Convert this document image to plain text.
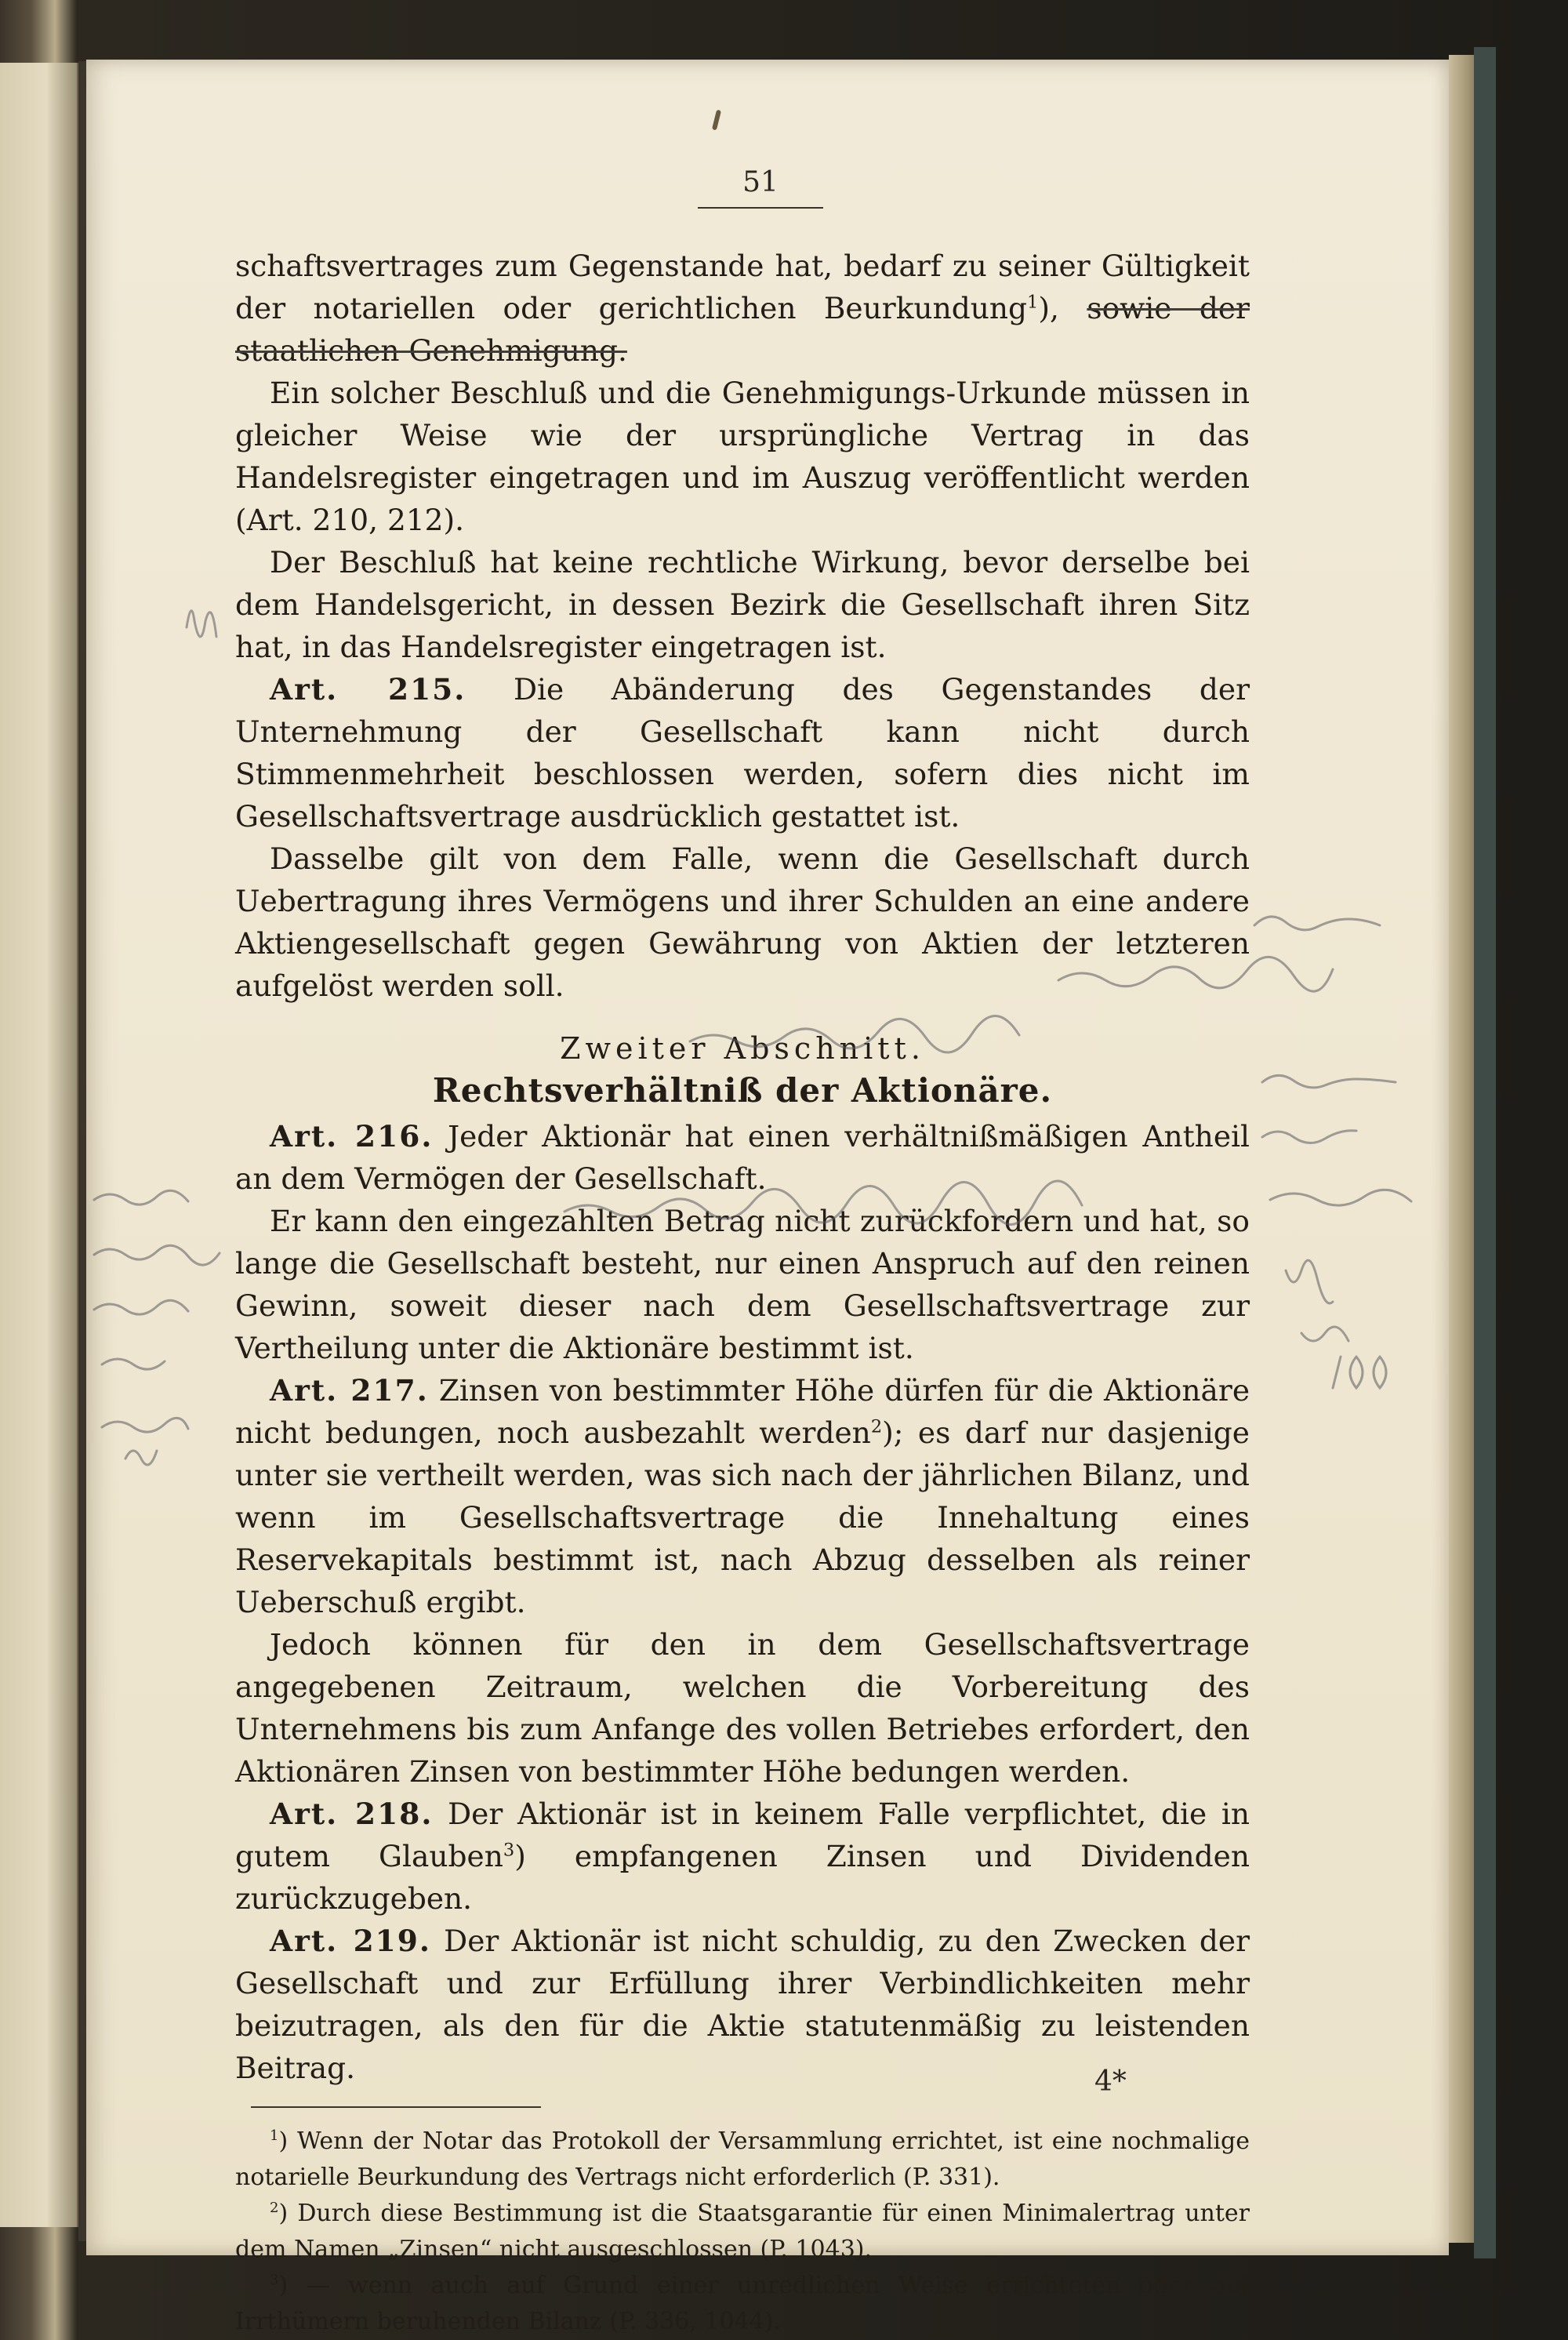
51

schaftsvertrages zum Gegenstande hat, bedarf zu seiner Gültigkeit der notariellen oder gerichtlichen Beurkundung$^1$), sowie der staatlichen Genehmigung.

Ein solcher Beschluß und die Genehmigungs-Urkunde müssen in gleicher Weise wie der ursprüngliche Vertrag in das Handelsregister eingetragen und im Auszug veröffentlicht werden (Art. 210, 212).

Der Beschluß hat keine rechtliche Wirkung, bevor derselbe bei dem Handelsgericht, in dessen Bezirk die Gesellschaft ihren Sitz hat, in das Handelsregister eingetragen ist.

Art. 215. Die Abänderung des Gegenstandes der Unternehmung der Gesellschaft kann nicht durch Stimmenmehrheit beschlossen werden, sofern dies nicht im Gesellschaftsvertrage ausdrücklich gestattet ist.

Dasselbe gilt von dem Falle, wenn die Gesellschaft durch Uebertragung ihres Vermögens und ihrer Schulden an eine andere Aktiengesellschaft gegen Gewährung von Aktien der letzteren aufgelöst werden soll.

Zweiter Abschnitt.

Rechtsverhältniß der Aktionäre.

Art. 216. Jeder Aktionär hat einen verhältnißmäßigen Antheil an dem Vermögen der Gesellschaft.

Er kann den eingezahlten Betrag nicht zurückfordern und hat, so lange die Gesellschaft besteht, nur einen Anspruch auf den reinen Gewinn, soweit dieser nach dem Gesellschaftsvertrage zur Vertheilung unter die Aktionäre bestimmt ist.

Art. 217. Zinsen von bestimmter Höhe dürfen für die Aktionäre nicht bedungen, noch ausbezahlt werden$^2$); es darf nur dasjenige unter sie vertheilt werden, was sich nach der jährlichen Bilanz, und wenn im Gesellschaftsvertrage die Innehaltung eines Reservekapitals bestimmt ist, nach Abzug desselben als reiner Ueberschuß ergibt.

Jedoch können für den in dem Gesellschaftsvertrage angegebenen Zeitraum, welchen die Vorbereitung des Unternehmens bis zum Anfange des vollen Betriebes erfordert, den Aktionären Zinsen von bestimmter Höhe bedungen werden.

Art. 218. Der Aktionär ist in keinem Falle verpflichtet, die in gutem Glauben$^3$) empfangenen Zinsen und Dividenden zurückzugeben.

Art. 219. Der Aktionär ist nicht schuldig, zu den Zwecken der Gesellschaft und zur Erfüllung ihrer Verbindlichkeiten mehr beizutragen, als den für die Aktie statutenmäßig zu leistenden Beitrag.

$^1$) Wenn der Notar das Protokoll der Versammlung errichtet, ist eine nochmalige notarielle Beurkundung des Vertrags nicht erforderlich (P. 331).

$^2$) Durch diese Bestimmung ist die Staatsgarantie für einen Minimalertrag unter dem Namen „Zinsen“ nicht ausgeschlossen (P. 1043).

$^3$) — wenn auch auf Grund einer unredlichen Weise errichteten oder auf Irrthümern beruhenden Bilanz (P. 336, 1044).

4*
